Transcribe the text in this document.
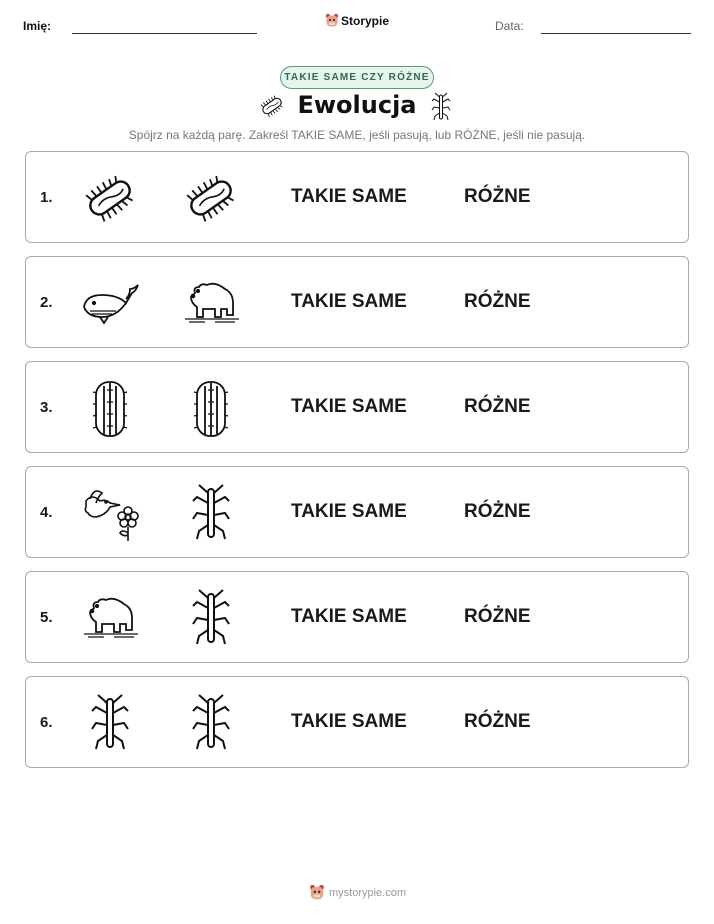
Imię:	Storypie	Data:
TAKIE SAME CZY RÓŻNE
Ewolucja
Spójrz na każdą parę. Zakreśl TAKIE SAME, jeśli pasują, lub RÓŻNE, jeśli nie pasują.
1.	TAKIE SAME	RÓŻNE
2.	TAKIE SAME	RÓŻNE
3.	TAKIE SAME	RÓŻNE
4.	TAKIE SAME	RÓŻNE
5.	TAKIE SAME	RÓŻNE
6.	TAKIE SAME	RÓŻNE
mystorypie.com
